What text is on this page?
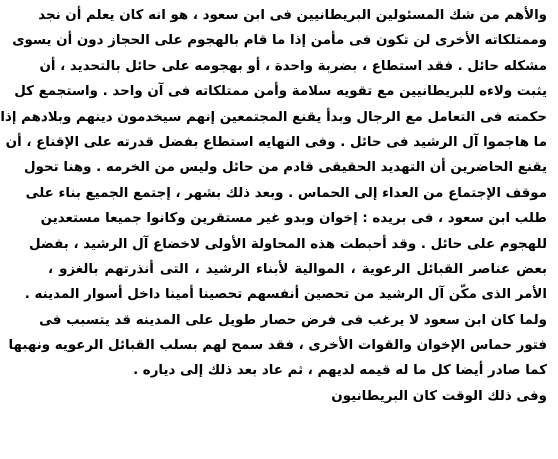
والأهم من شك المسئولين البريطانيين فى ابن سعود ، هو انه كان يعلم أن نجد
وممتلكاته الأخرى لن تكون فى مأمن إذا ما قام بالهجوم على الحجاز دون أن يسوى
مشكله حائل . فقد استطاع ، بضربة واحدة ، أو بهجومه على حائل بالتحديد ، أن
يثبت ولاءه للبريطانيين مع تقويه سلامة وأمن ممتلكاته فى آن واحد . واستجمع كل
حكمته فى التعامل مع الرجال وبدأ يقنع المجتمعين إنهم سيخدمون دينهم وبلادهم إذا
ما هاجموا آل الرشيد فى حائل . وفى النهايه استطاع بفضل قدرته على الإقناع ، أن
يقنع الحاضرين أن التهديد الحقيقى قادم من حائل وليس من الخرمه . وهنا تحول
موقف الإجتماع من العداء إلى الحماس . وبعد ذلك بشهر ، إجتمع الجميع بناء على
طلب ابن سعود ، فى بريده : إخوان وبدو غير مستقرين وكانوا جميعا مستعدين
للهجوم على حائل . وقد أحبطت هذه المحاولة الأولى لاخضاع آل الرشيد ، بفضل
بعض عناصر القبائل الرعوية ، الموالية لأبناء الرشيد ، التى أنذرتهم بالغزو ،
الأمر الذى مكّن آل الرشيد من تحصين أنفسهم تحصينا أمينا داخل أسوار المدينه .
ولما كان ابن سعود لا يرغب فى فرض حصار طويل على المدينه قد يتسبب فى
فتور حماس الإخوان والقوات الأخرى ، فقد سمح لهم بسلب القبائل الرعويه ونهبها
كما صادر أيضا كل ما له قيمه لديهم ، ثم عاد بعد ذلك إلى دياره .
وفى ذلك الوقت كان البريطانيون
